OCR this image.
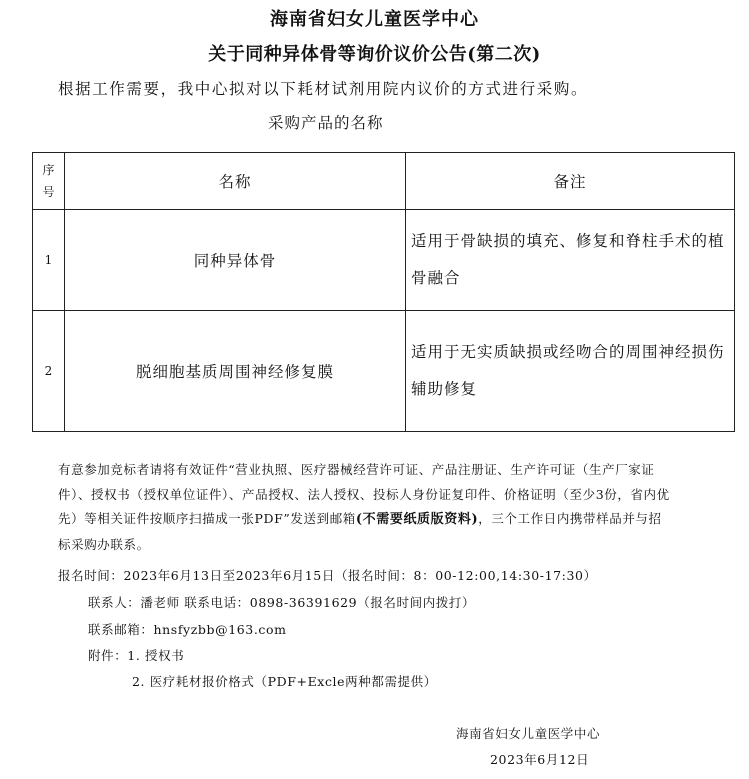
海南省妇女儿童医学中心
关于同种异体骨等询价议价公告(第二次)
根据工作需要，我中心拟对以下耗材试剂用院内议价的方式进行采购。
采购产品的名称
序号	名称	备注
1	同种异体骨	适用于骨缺损的填充、修复和脊柱手术的植骨融合
2	脱细胞基质周围神经修复膜	适用于无实质缺损或经吻合的周围神经损伤辅助修复
有意参加竞标者请将有效证件“营业执照、医疗器械经营许可证、产品注册证、生产许可证（生产厂家证件）、授权书（授权单位证件）、产品授权、法人授权、投标人身份证复印件、价格证明（至少3份，省内优先）等相关证件按顺序扫描成一张PDF”发送到邮箱(不需要纸质版资料)，三个工作日内携带样品并与招标采购办联系。
报名时间：2023年6月13日至2023年6月15日（报名时间：8：00-12:00,14:30-17:30）
联系人：潘老师 联系电话：0898-36391629（报名时间内拨打）
联系邮箱：hnsfyzbb@163.com
附件：1. 授权书
2. 医疗耗材报价格式（PDF+Excle两种都需提供）
海南省妇女儿童医学中心
2023年6月12日
